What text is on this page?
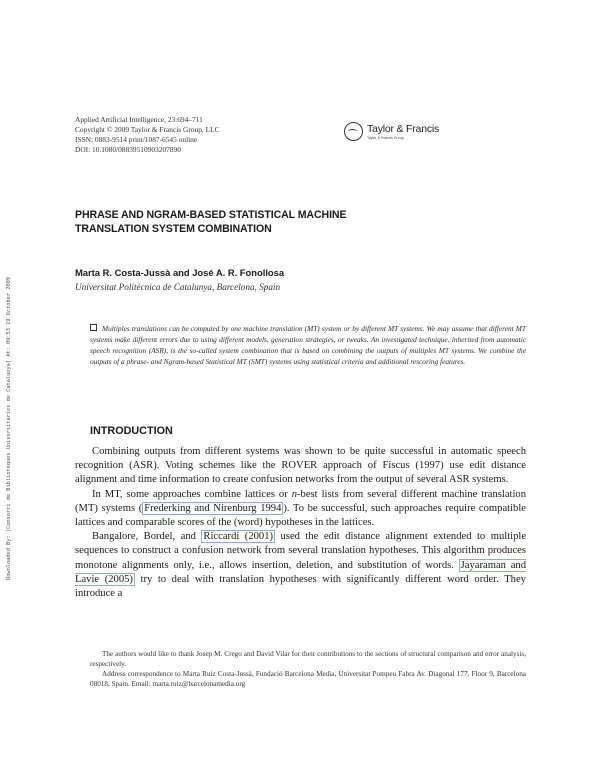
Downloaded By: [Consorci de Biblioteques Universitaries de Catalunya] At: 09:53 19 October 2009
Applied Artificial Intelligence, 23:694–711
Copyright © 2009 Taylor & Francis Group, LLC
ISSN: 0883-9514 print/1087-6545 online
DOI: 10.1080/08839510903207890
Taylor & Francis
Taylor & Francis Group
PHRASE AND NGRAM-BASED STATISTICAL MACHINE
TRANSLATION SYSTEM COMBINATION
Marta R. Costa-Jussà and José A. R. Fonollosa
Universitat Politècnica de Catalunya, Barcelona, Spain
Multiples translations can be computed by one machine translation (MT) system or by different MT systems. We may assume that different MT systems make different errors due to using different models, generation strategies, or tweaks. An investigated technique, inherited from automatic speech recognition (ASR), is the so-called system combination that is based on combining the outputs of multiples MT systems. We combine the outputs of a phrase- and Ngram-based Statistical MT (SMT) systems using statistical criteria and additional rescoring features.
INTRODUCTION

Combining outputs from different systems was shown to be quite successful in automatic speech recognition (ASR). Voting schemes like the ROVER approach of Fiscus (1997) use edit distance alignment and time information to create confusion networks from the output of several ASR systems.

In MT, some approaches combine lattices or n-best lists from several different machine translation (MT) systems ( Frederking and Nirenburg 1994 ). To be successful, such approaches require compatible lattices and comparable scores of the (word) hypotheses in the lattices.

Bangalore, Bordel, and Riccardi (2001) used the edit distance alignment extended to multiple sequences to construct a confusion network from several translation hypotheses. This algorithm produces monotone alignments only, i.e., allows insertion, deletion, and substitution of words. Jayaraman and Lavie (2005) try to deal with translation hypotheses with significantly different word order. They introduce a

The authors would like to thank Josep M. Crego and David Vilar for their contributions to the sections of structural comparison and error analysis, respectively.

Address correspondence to Marta Ruiz Costa-Jussà, Fundació Barcelona Media, Universitat Pompeu Fabra Av. Diagonal 177, Floor 9, Barcelona 08018, Spain. Email: marta.ruiz@barcelonamedia.org
